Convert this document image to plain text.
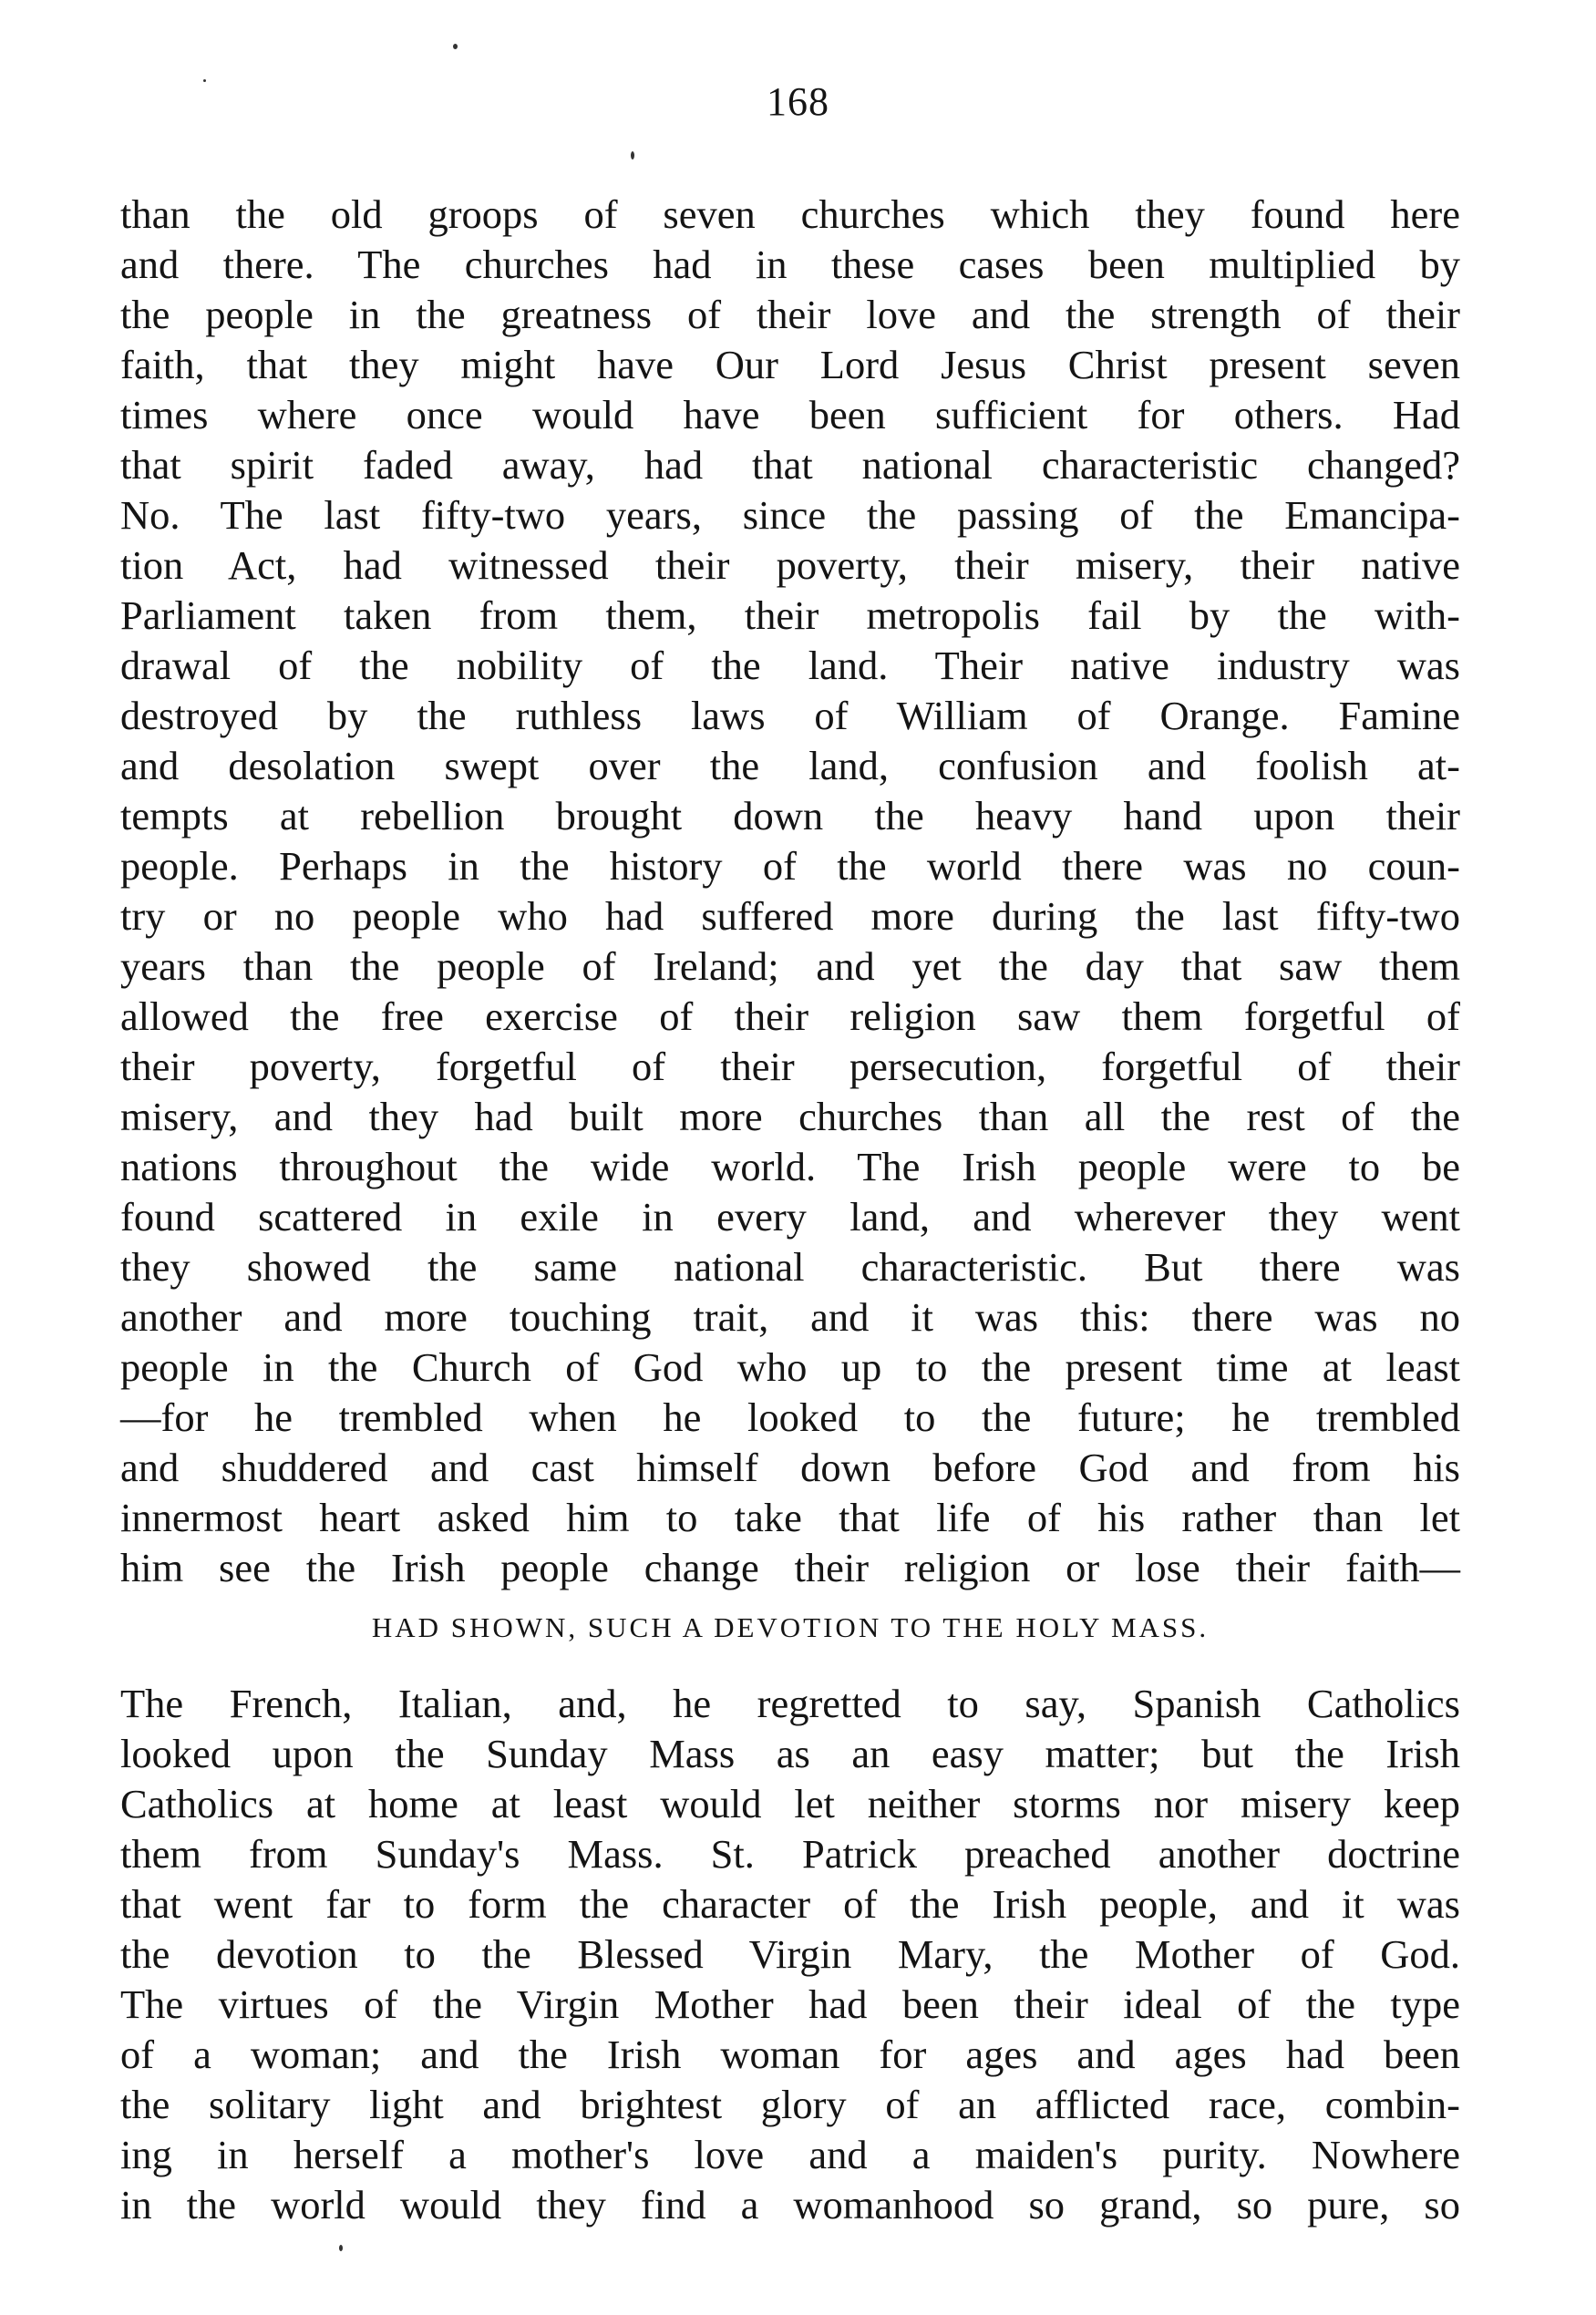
168
than the old groops of seven churches which they found here
and there. The churches had in these cases been multiplied by
the people in the greatness of their love and the strength of their
faith, that they might have Our Lord Jesus Christ present seven
times where once would have been sufficient for others. Had
that spirit faded away, had that national characteristic changed?
No. The last fifty-two years, since the passing of the Emancipa-
tion Act, had witnessed their poverty, their misery, their native
Parliament taken from them, their metropolis fail by the with-
drawal of the nobility of the land. Their native industry was
destroyed by the ruthless laws of William of Orange. Famine
and desolation swept over the land, confusion and foolish at-
tempts at rebellion brought down the heavy hand upon their
people. Perhaps in the history of the world there was no coun-
try or no people who had suffered more during the last fifty-two
years than the people of Ireland; and yet the day that saw them
allowed the free exercise of their religion saw them forgetful of
their poverty, forgetful of their persecution, forgetful of their
misery, and they had built more churches than all the rest of the
nations throughout the wide world. The Irish people were to be
found scattered in exile in every land, and wherever they went
they showed the same national characteristic. But there was
another and more touching trait, and it was this: there was no
people in the Church of God who up to the present time at least
—for he trembled when he looked to the future; he trembled
and shuddered and cast himself down before God and from his
innermost heart asked him to take that life of his rather than let
him see the Irish people change their religion or lose their faith—
HAD SHOWN, SUCH A DEVOTION TO THE HOLY MASS.
The French, Italian, and, he regretted to say, Spanish Catholics
looked upon the Sunday Mass as an easy matter; but the Irish
Catholics at home at least would let neither storms nor misery keep
them from Sunday's Mass. St. Patrick preached another doctrine
that went far to form the character of the Irish people, and it was
the devotion to the Blessed Virgin Mary, the Mother of God.
The virtues of the Virgin Mother had been their ideal of the type
of a woman; and the Irish woman for ages and ages had been
the solitary light and brightest glory of an afflicted race, combin-
ing in herself a mother's love and a maiden's purity. Nowhere
in the world would they find a womanhood so grand, so pure, so
